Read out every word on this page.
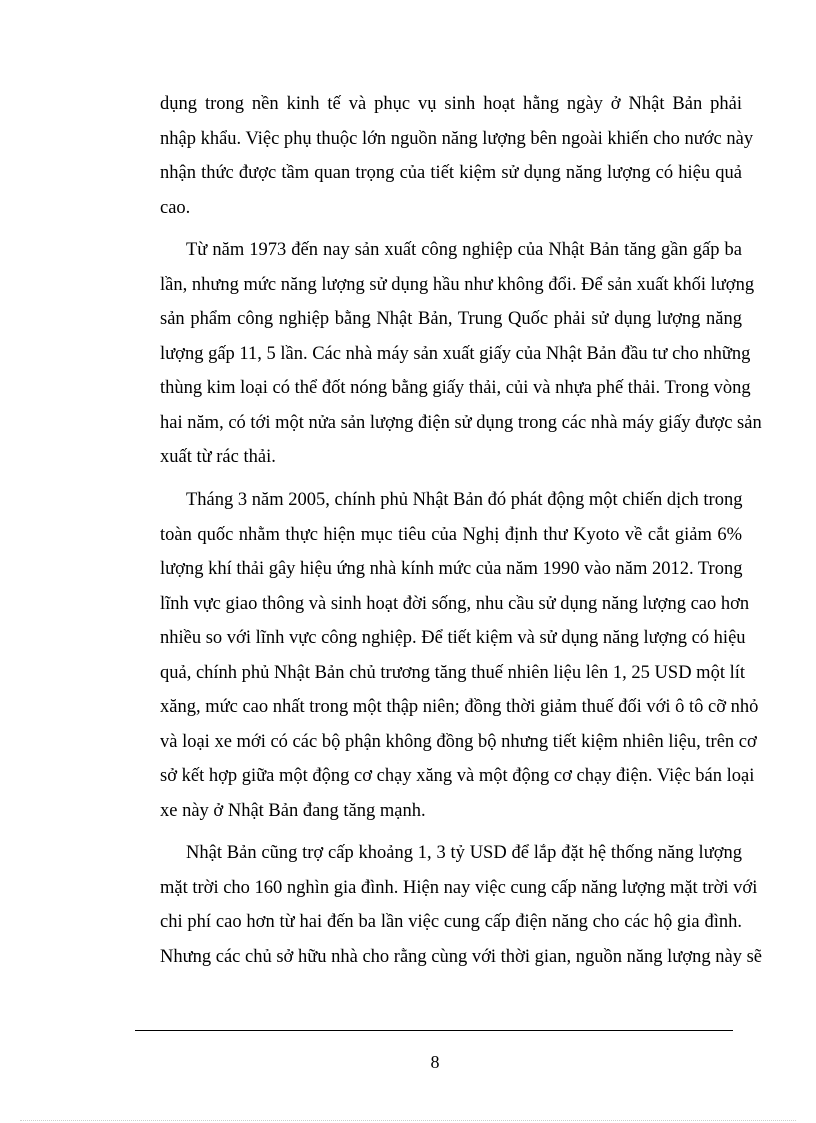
dụng trong nền kinh tế và phục vụ sinh hoạt hằng ngày ở Nhật Bản phải
nhập khẩu. Việc phụ thuộc lớn nguồn năng lượng bên ngoài khiến cho nước này
nhận thức được tầm quan trọng của tiết kiệm sử dụng năng lượng có hiệu quả
cao.
Từ năm 1973 đến nay sản xuất công nghiệp của Nhật Bản tăng gần gấp ba
lần, nhưng mức năng lượng sử dụng hầu như không đổi. Để sản xuất khối lượng
sản phẩm công nghiệp bằng Nhật Bản, Trung Quốc phải sử dụng lượng năng
lượng gấp 11, 5 lần. Các nhà máy sản xuất giấy của Nhật Bản đầu tư cho những
thùng kim loại có thể đốt nóng bằng giấy thải, củi và nhựa phế thải. Trong vòng
hai năm, có tới một nửa sản lượng điện sử dụng trong các nhà máy giấy được sản
xuất từ rác thải.
Tháng 3 năm 2005, chính phủ Nhật Bản đó phát động một chiến dịch trong
toàn quốc nhằm thực hiện mục tiêu của Nghị định thư Kyoto về cắt giảm 6%
lượng khí thải gây hiệu ứng nhà kính mức của năm 1990 vào năm 2012. Trong
lĩnh vực giao thông và sinh hoạt đời sống, nhu cầu sử dụng năng lượng cao hơn
nhiều so với lĩnh vực công nghiệp. Để tiết kiệm và sử dụng năng lượng có hiệu
quả, chính phủ Nhật Bản chủ trương tăng thuế nhiên liệu lên 1, 25 USD một lít
xăng, mức cao nhất trong một thập niên; đồng thời giảm thuế đối với ô tô cỡ nhỏ
và loại xe mới có các bộ phận không đồng bộ nhưng tiết kiệm nhiên liệu, trên cơ
sở kết hợp giữa một động cơ chạy xăng và một động cơ chạy điện. Việc bán loại
xe này ở Nhật Bản đang tăng mạnh.
Nhật Bản cũng trợ cấp khoảng 1, 3 tỷ USD để lắp đặt hệ thống năng lượng
mặt trời cho 160 nghìn gia đình. Hiện nay việc cung cấp năng lượng mặt trời với
chi phí cao hơn từ hai đến ba lần việc cung cấp điện năng cho các hộ gia đình.
Nhưng các chủ sở hữu nhà cho rằng cùng với thời gian, nguồn năng lượng này sẽ
8
